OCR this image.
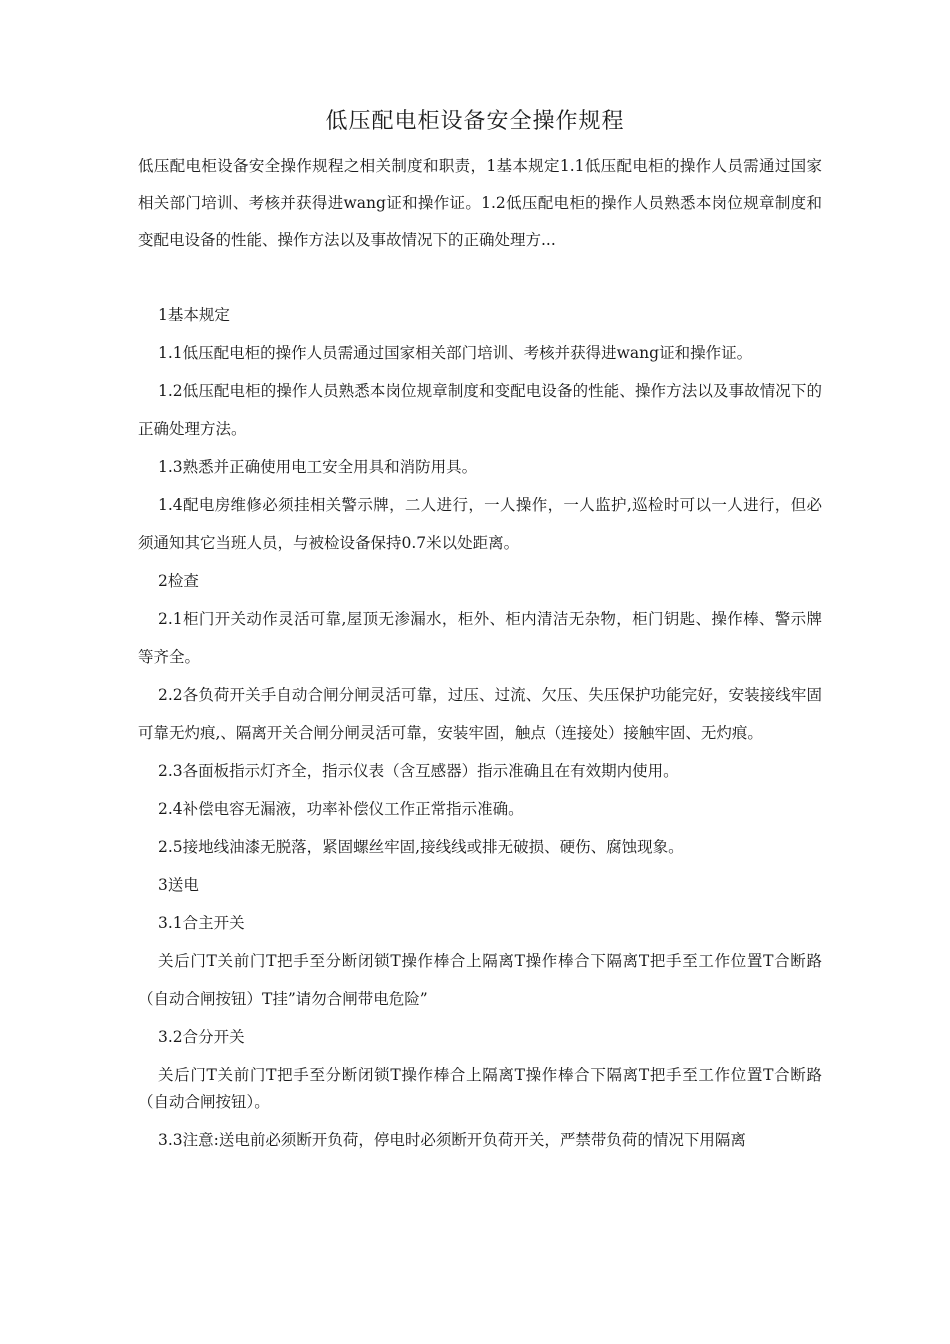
低压配电柜设备安全操作规程

低压配电柜设备安全操作规程之相关制度和职责，1基本规定1.1低压配电柜的操作人员需通过国家相关部门培训、考核并获得进wang证和操作证。1.2低压配电柜的操作人员熟悉本岗位规章制度和变配电设备的性能、操作方法以及事故情况下的正确处理方...

1基本规定

1.1低压配电柜的操作人员需通过国家相关部门培训、考核并获得进wang证和操作证。

1.2低压配电柜的操作人员熟悉本岗位规章制度和变配电设备的性能、操作方法以及事故情况下的正确处理方法。

1.3熟悉并正确使用电工安全用具和消防用具。

1.4配电房维修必须挂相关警示牌，二人进行，一人操作，一人监护,巡检时可以一人进行，但必须通知其它当班人员，与被检设备保持0.7米以处距离。

2检查

2.1柜门开关动作灵活可靠,屋顶无渗漏水，柜外、柜内清洁无杂物，柜门钥匙、操作棒、警示牌等齐全。

2.2各负荷开关手自动合闸分闸灵活可靠，过压、过流、欠压、失压保护功能完好，安装接线牢固可靠无灼痕,、隔离开关合闸分闸灵活可靠，安装牢固，触点（连接处）接触牢固、无灼痕。

2.3各面板指示灯齐全，指示仪表（含互感器）指示准确且在有效期内使用。

2.4补偿电容无漏液，功率补偿仪工作正常指示准确。

2.5接地线油漆无脱落，紧固螺丝牢固,接线线或排无破损、硬伤、腐蚀现象。

3送电

3.1合主开关

关后门T关前门T把手至分断闭锁T操作棒合上隔离T操作棒合下隔离T把手至工作位置T合断路（自动合闸按钮）T挂”请勿合闸带电危险”

3.2合分开关

关后门T关前门T把手至分断闭锁T操作棒合上隔离T操作棒合下隔离T把手至工作位置T合断路（自动合闸按钮）。

3.3注意:送电前必须断开负荷，停电时必须断开负荷开关，严禁带负荷的情况下用隔离
